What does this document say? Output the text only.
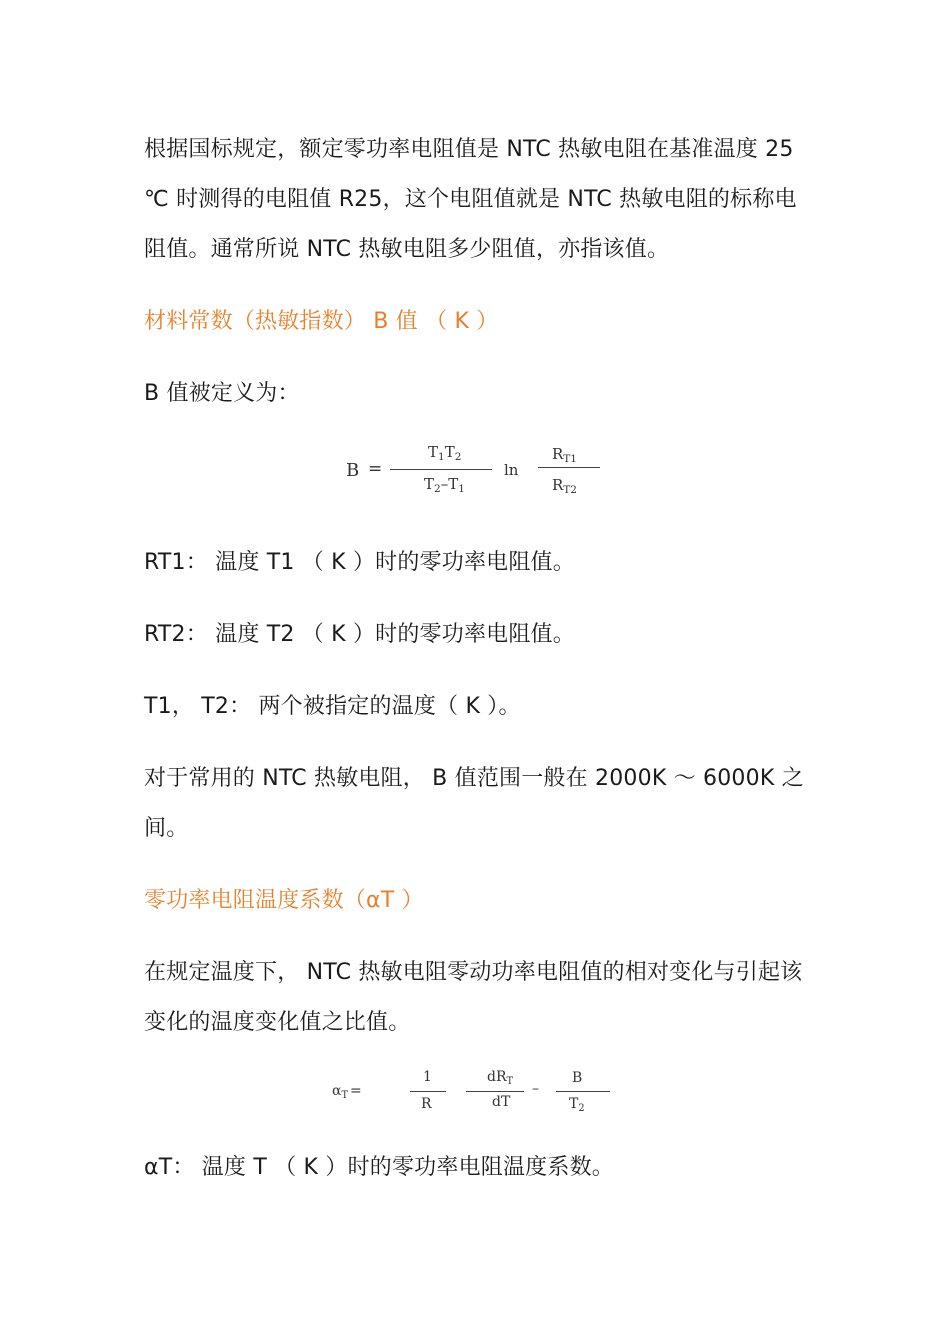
根据国标规定，额定零功率电阻值是 NTC 热敏电阻在基准温度 25
℃ 时测得的电阻值 R25，这个电阻值就是 NTC 热敏电阻的标称电
阻值。通常所说 NTC 热敏电阻多少阻值，亦指该值。

材料常数（热敏指数） B 值 （ K ）

B 值被定义为：

B =
$T_1T_2$
$T_2-T_1$
ln
$R_{T1}$
$R_{T2}$

RT1： 温度 T1 （ K ）时的零功率电阻值。

RT2： 温度 T2 （ K ）时的零功率电阻值。

T1， T2： 两个被指定的温度（ K ）。

对于常用的 NTC 热敏电阻， B 值范围一般在 2000K ～ 6000K 之
间。

零功率电阻温度系数（αT ）

在规定温度下， NTC 热敏电阻零动功率电阻值的相对变化与引起该
变化的温度变化值之比值。

$\alpha_T$ =
1
R
$dR_T$
dT
–
B
$T_2$

αT： 温度 T （ K ）时的零功率电阻温度系数。
